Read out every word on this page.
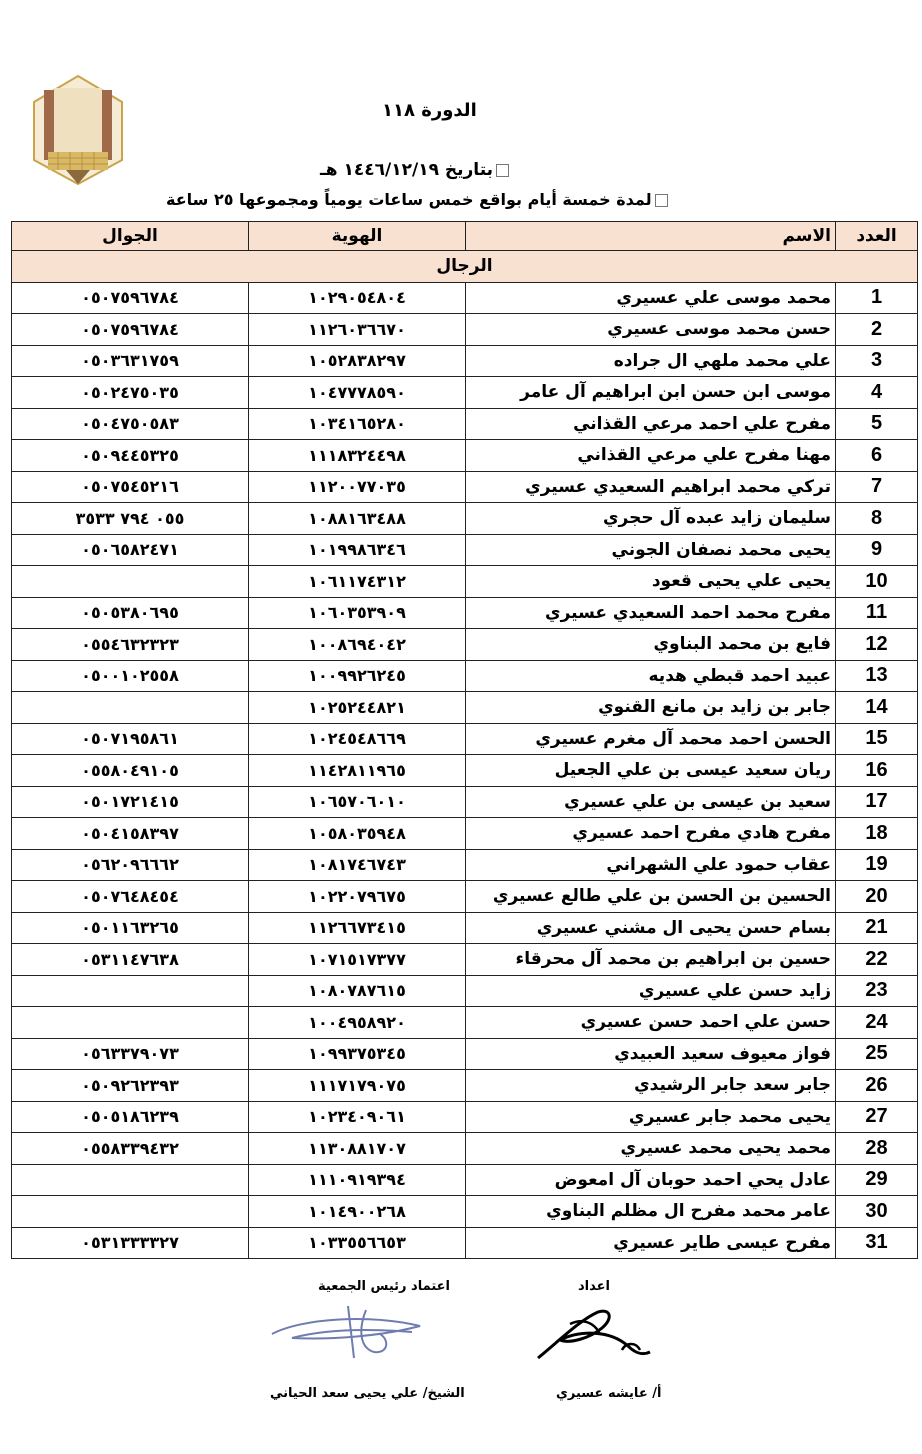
الدورة ١١٨
بتاريخ ١٤٤٦/١٢/١٩ هـ
لمدة خمسة أيام بواقع خمس ساعات يومياً ومجموعها ٢٥ ساعة
العدد	الاسم	الهوية	الجوال
الرجال			
1	محمد موسى علي عسيري	١٠٢٩٠٥٤٨٠٤	٠٥٠٧٥٩٦٧٨٤
2	حسن محمد موسى عسيري	١١٢٦٠٣٦٦٧٠	٠٥٠٧٥٩٦٧٨٤
3	علي محمد ملهي ال جراده	١٠٥٢٨٣٨٢٩٧	٠٥٠٣٦٣١٧٥٩
4	موسى ابن حسن ابن ابراهيم آل عامر	١٠٤٧٧٧٨٥٩٠	٠٥٠٢٤٧٥٠٣٥
5	مفرح علي احمد مرعي القذاني	١٠٣٤١٦٥٢٨٠	٠٥٠٤٧٥٠٥٨٣
6	مهنا مفرح علي مرعي القذاني	١١١٨٣٢٤٤٩٨	٠٥٠٩٤٤٥٣٢٥
7	تركي محمد ابراهيم السعيدي عسيري	١١٢٠٠٧٧٠٣٥	٠٥٠٧٥٤٥٢١٦
8	سليمان زايد عبده آل حجري	١٠٨٨١٦٣٤٨٨	٠٥٥ ٧٩٤ ٣٥٣٣
9	يحيى محمد نصفان الجوني	١٠١٩٩٨٦٣٤٦	٠٥٠٦٥٨٢٤٧١
10	يحيى علي يحيى قعود	١٠٦١١٧٤٣١٢	
11	مفرح محمد احمد السعيدي عسيري	١٠٦٠٣٥٣٩٠٩	٠٥٠٥٣٨٠٦٩٥
12	فايع بن محمد البناوي	١٠٠٨٦٩٤٠٤٢	٠٥٥٤٦٣٢٣٢٣
13	عبيد احمد قبطي هديه	١٠٠٩٩٢٦٢٤٥	٠٥٠٠١٠٢٥٥٨
14	جابر بن زايد بن مانع القنوي	١٠٢٥٢٤٤٨٢١	
15	الحسن احمد محمد آل مغرم عسيري	١٠٢٤٥٤٨٦٦٩	٠٥٠٧١٩٥٨٦١
16	ريان سعيد عيسى بن علي الجعيل	١١٤٢٨١١٩٦٥	٠٥٥٨٠٤٩١٠٥
17	سعيد بن عيسى بن علي عسيري	١٠٦٥٧٠٦٠١٠	٠٥٠١٧٢١٤١٥
18	مفرح هادي مفرح احمد عسيري	١٠٥٨٠٣٥٩٤٨	٠٥٠٤١٥٨٣٩٧
19	عقاب حمود علي الشهراني	١٠٨١٧٤٦٧٤٣	٠٥٦٢٠٩٦٦٦٢
20	الحسين بن الحسن بن علي طالع عسيري	١٠٢٢٠٧٩٦٧٥	٠٥٠٧٦٤٨٤٥٤
21	بسام حسن يحيى ال مشني عسيري	١١٢٦٦٧٣٤١٥	٠٥٠١١٦٣٢٦٥
22	حسين بن ابراهيم بن محمد آل محرقاء	١٠٧١٥١٧٣٧٧	٠٥٣١١٤٧٦٣٨
23	زايد حسن علي عسيري	١٠٨٠٧٨٧٦١٥	
24	حسن علي احمد حسن عسيري	١٠٠٤٩٥٨٩٢٠	
25	فواز معيوف سعيد العبيدي	١٠٩٩٣٧٥٣٤٥	٠٥٦٣٣٧٩٠٧٣
26	جابر سعد جابر الرشيدي	١١١٧١٧٩٠٧٥	٠٥٠٩٢٦٢٣٩٣
27	يحيى محمد جابر عسيري	١٠٢٣٤٠٩٠٦١	٠٥٠٥١٨٦٢٣٩
28	محمد يحيى محمد عسيري	١١٣٠٨٨١٧٠٧	٠٥٥٨٣٣٩٤٣٢
29	عادل يحي احمد حوبان آل امعوض	١١١٠٩١٩٣٩٤	
30	عامر محمد مفرح ال مظلم البناوي	١٠١٤٩٠٠٢٦٨	
31	مفرح عيسى طاير عسيري	١٠٣٣٥٥٦٦٥٣	٠٥٣١٣٣٣٣٢٧
اعتماد رئيس الجمعية	اعداد
الشيخ/ علي يحيى سعد الحياني	أ/ عايشه عسيري
